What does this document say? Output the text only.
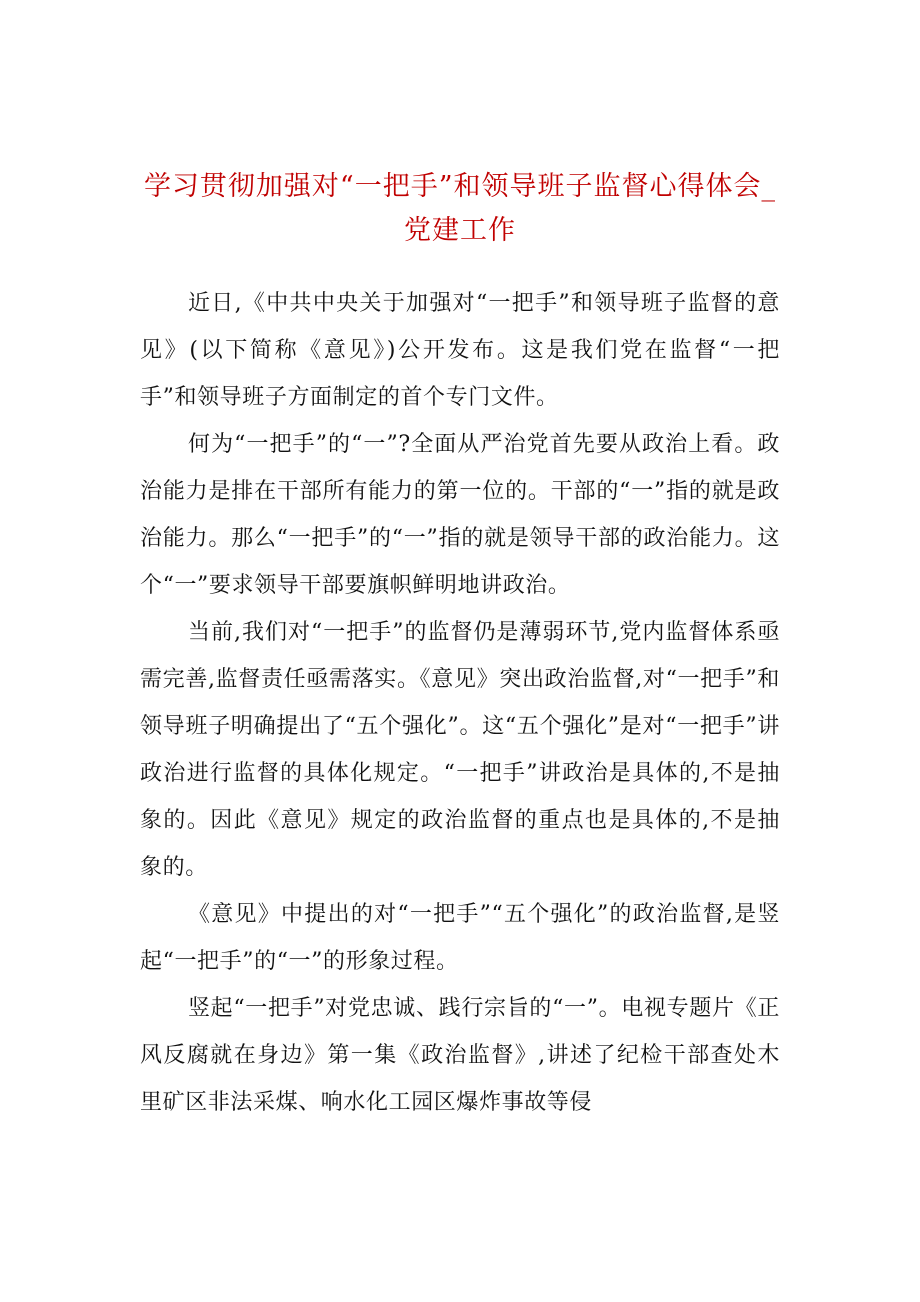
学习贯彻加强对“一把手”和领导班子监督心得体会_党建工作

近日,《中共中央关于加强对“一把手”和领导班子监督的意见》(以下简称《意见》)公开发布。这是我们党在监督“一把手”和领导班子方面制定的首个专门文件。

何为“一把手”的“一”?全面从严治党首先要从政治上看。政治能力是排在干部所有能力的第一位的。干部的“一”指的就是政治能力。那么“一把手”的“一”指的就是领导干部的政治能力。这个“一”要求领导干部要旗帜鲜明地讲政治。

当前,我们对“一把手”的监督仍是薄弱环节,党内监督体系亟需完善,监督责任亟需落实。《意见》突出政治监督,对“一把手”和领导班子明确提出了“五个强化”。这“五个强化”是对“一把手”讲政治进行监督的具体化规定。“一把手”讲政治是具体的,不是抽象的。因此《意见》规定的政治监督的重点也是具体的,不是抽象的。

《意见》中提出的对“一把手”“五个强化”的政治监督,是竖起“一把手”的“一”的形象过程。

竖起“一把手”对党忠诚、践行宗旨的“一”。电视专题片《正风反腐就在身边》第一集《政治监督》,讲述了纪检干部查处木里矿区非法采煤、响水化工园区爆炸事故等侵
